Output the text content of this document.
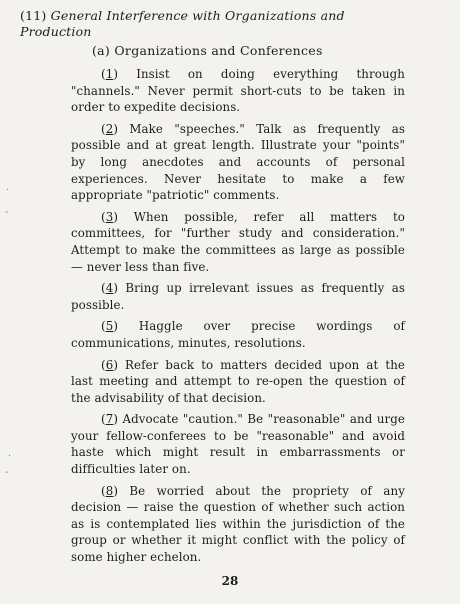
(11) General Interference with Organizations and Production
(a) Organizations and Conferences

(1) Insist on doing everything through "channels." Never permit short-cuts to be taken in order to expedite decisions.

(2) Make "speeches." Talk as frequently as possible and at great length. Illustrate your "points" by long anecdotes and accounts of personal experiences. Never hesitate to make a few appropriate "patriotic" comments.

(3) When possible, refer all matters to committees, for "further study and consideration." Attempt to make the committees as large as possible — never less than five.

(4) Bring up irrelevant issues as frequently as possible.

(5) Haggle over precise wordings of communications, minutes, resolutions.

(6) Refer back to matters decided upon at the last meeting and attempt to re-open the question of the advisability of that decision.

(7) Advocate "caution." Be "reasonable" and urge your fellow-conferees to be "reasonable" and avoid haste which might result in embarrassments or difficulties later on.

(8) Be worried about the propriety of any decision — raise the question of whether such action as is contemplated lies within the jurisdiction of the group or whether it might conflict with the policy of some higher echelon.

28
·
-
·
-
